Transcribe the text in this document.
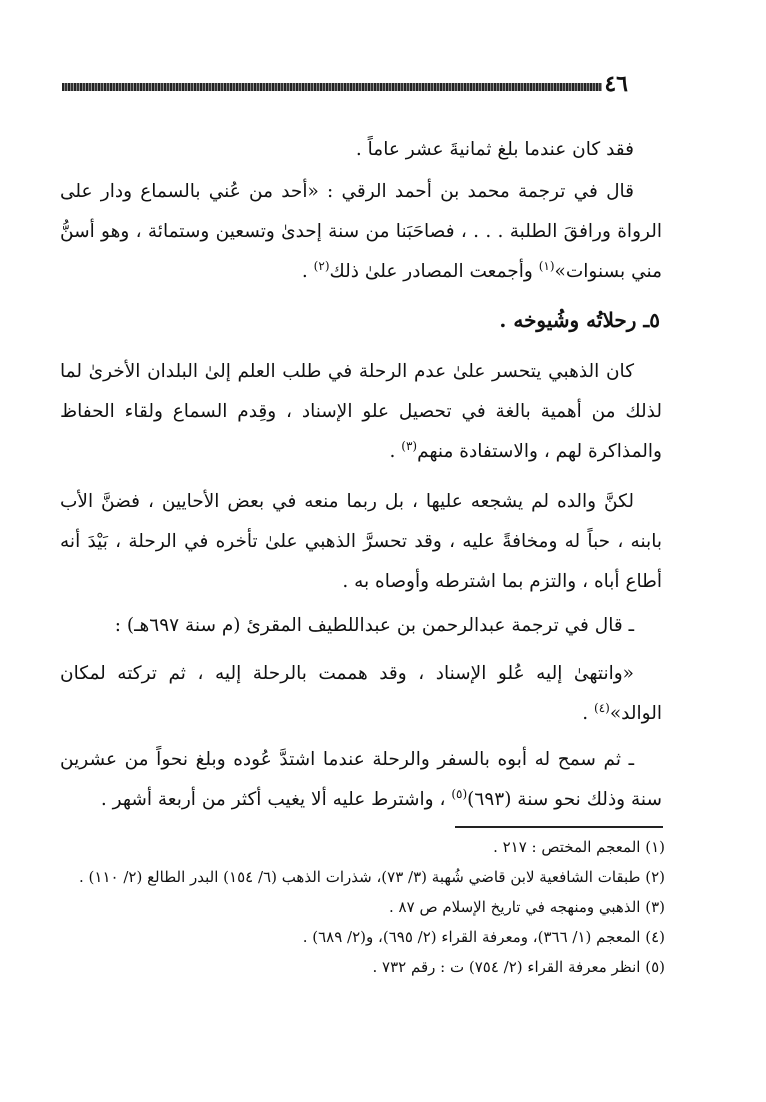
٤٦

فقد كان عندما بلغ ثمانيةَ عشر عاماً .

قال في ترجمة محمد بن أحمد الرقي : «أحد من عُني بالسماع ودار على الرواة ورافقَ الطلبة . . . ، فصاحَبَنا من سنة إحدىٰ وتسعين وستمائة ، وهو أسنُّ مني بسنوات»$^{(١)}$ وأجمعت المصادر علىٰ ذلك$^{(٢)}$ .

٥ـ رحلاتُه وشُيوخه .

كان الذهبي يتحسر علىٰ عدم الرحلة في طلب العلم إلىٰ البلدان الأخرىٰ لما لذلك من أهمية بالغة في تحصيل علو الإسناد ، وقِدم السماع ولقاء الحفاظ والمذاكرة لهم ، والاستفادة منهم$^{(٣)}$ .

لكنَّ والده لم يشجعه عليها ، بل ربما منعه في بعض الأحايين ، فضنَّ الأب بابنه ، حباً له ومخافةً عليه ، وقد تحسرَّ الذهبي علىٰ تأخره في الرحلة ، بَيْدَ أنه أطاع أباه ، والتزم بما اشترطه وأوصاه به .

ـ قال في ترجمة عبدالرحمن بن عبداللطيف المقرئ (م سنة ٦٩٧هـ) :

«وانتهىٰ إليه عُلو الإسناد ، وقد هممت بالرحلة إليه ، ثم تركته لمكان الوالد»$^{(٤)}$ .

ـ ثم سمح له أبوه بالسفر والرحلة عندما اشتدَّ عُوده وبلغ نحواً من عشرين سنة وذلك نحو سنة (٦٩٣)$^{(٥)}$ ، واشترط عليه ألا يغيب أكثر من أربعة أشهر .

(١) المعجم المختص : ٢١٧ .

(٢) طبقات الشافعية لابن قاضي شُهبة (٣/ ٧٣)، شذرات الذهب (٦/ ١٥٤) البدر الطالع (٢/ ١١٠) .

(٣) الذهبي ومنهجه في تاريخ الإسلام ص ٨٧ .

(٤) المعجم (١/ ٣٦٦)، ومعرفة القراء (٢/ ٦٩٥)، و(٢/ ٦٨٩) .

(٥) انظر معرفة القراء (٢/ ٧٥٤) ت : رقم ٧٣٢ .
